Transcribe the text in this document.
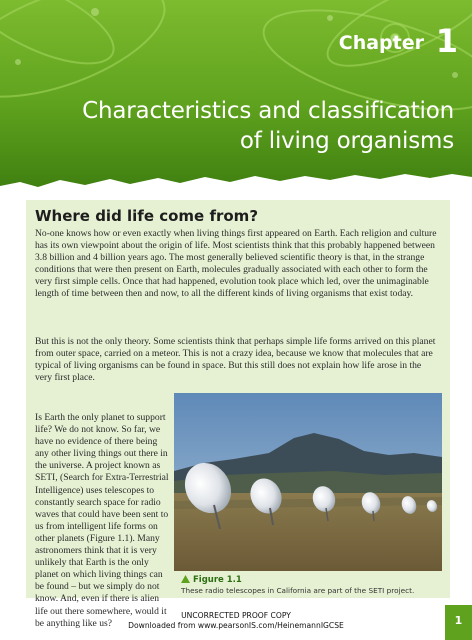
Chapter 1
Characteristics and classification
of living organisms
Where did life come from?

No-one knows how or even exactly when living things first appeared on Earth. Each religion and culture has its own viewpoint about the origin of life. Most scientists think that this probably happened between 3.8 billion and 4 billion years ago. The most generally believed scientific theory is that, in the strange conditions that were then present on Earth, molecules gradually associated with each other to form the very first simple cells. Once that had happened, evolution took place which led, over the unimaginable length of time between then and now, to all the different kinds of living organisms that exist today.

But this is not the only theory. Some scientists think that perhaps simple life forms arrived on this planet from outer space, carried on a meteor. This is not a crazy idea, because we know that molecules that are typical of living organisms can be found in space. But this still does not explain how life arose in the very first place.

Is Earth the only planet to support life? We do not know. So far, we have no evidence of there being any other living things out there in the universe. A project known as SETI, (Search for Extra-Terrestrial Intelligence) uses telescopes to constantly search space for radio waves that could have been sent to us from intelligent life forms on other planets (Figure 1.1). Many astronomers think that it is very unlikely that Earth is the only planet on which living things can be found – but we simply do not know. And, even if there is alien life out there somewhere, would it be anything like us?

Figure 1.1
These radio telescopes in California are part of the SETI project.
UNCORRECTED PROOF COPY
Downloaded from www.pearsonIS.com/HeinemannIGCSE	1
